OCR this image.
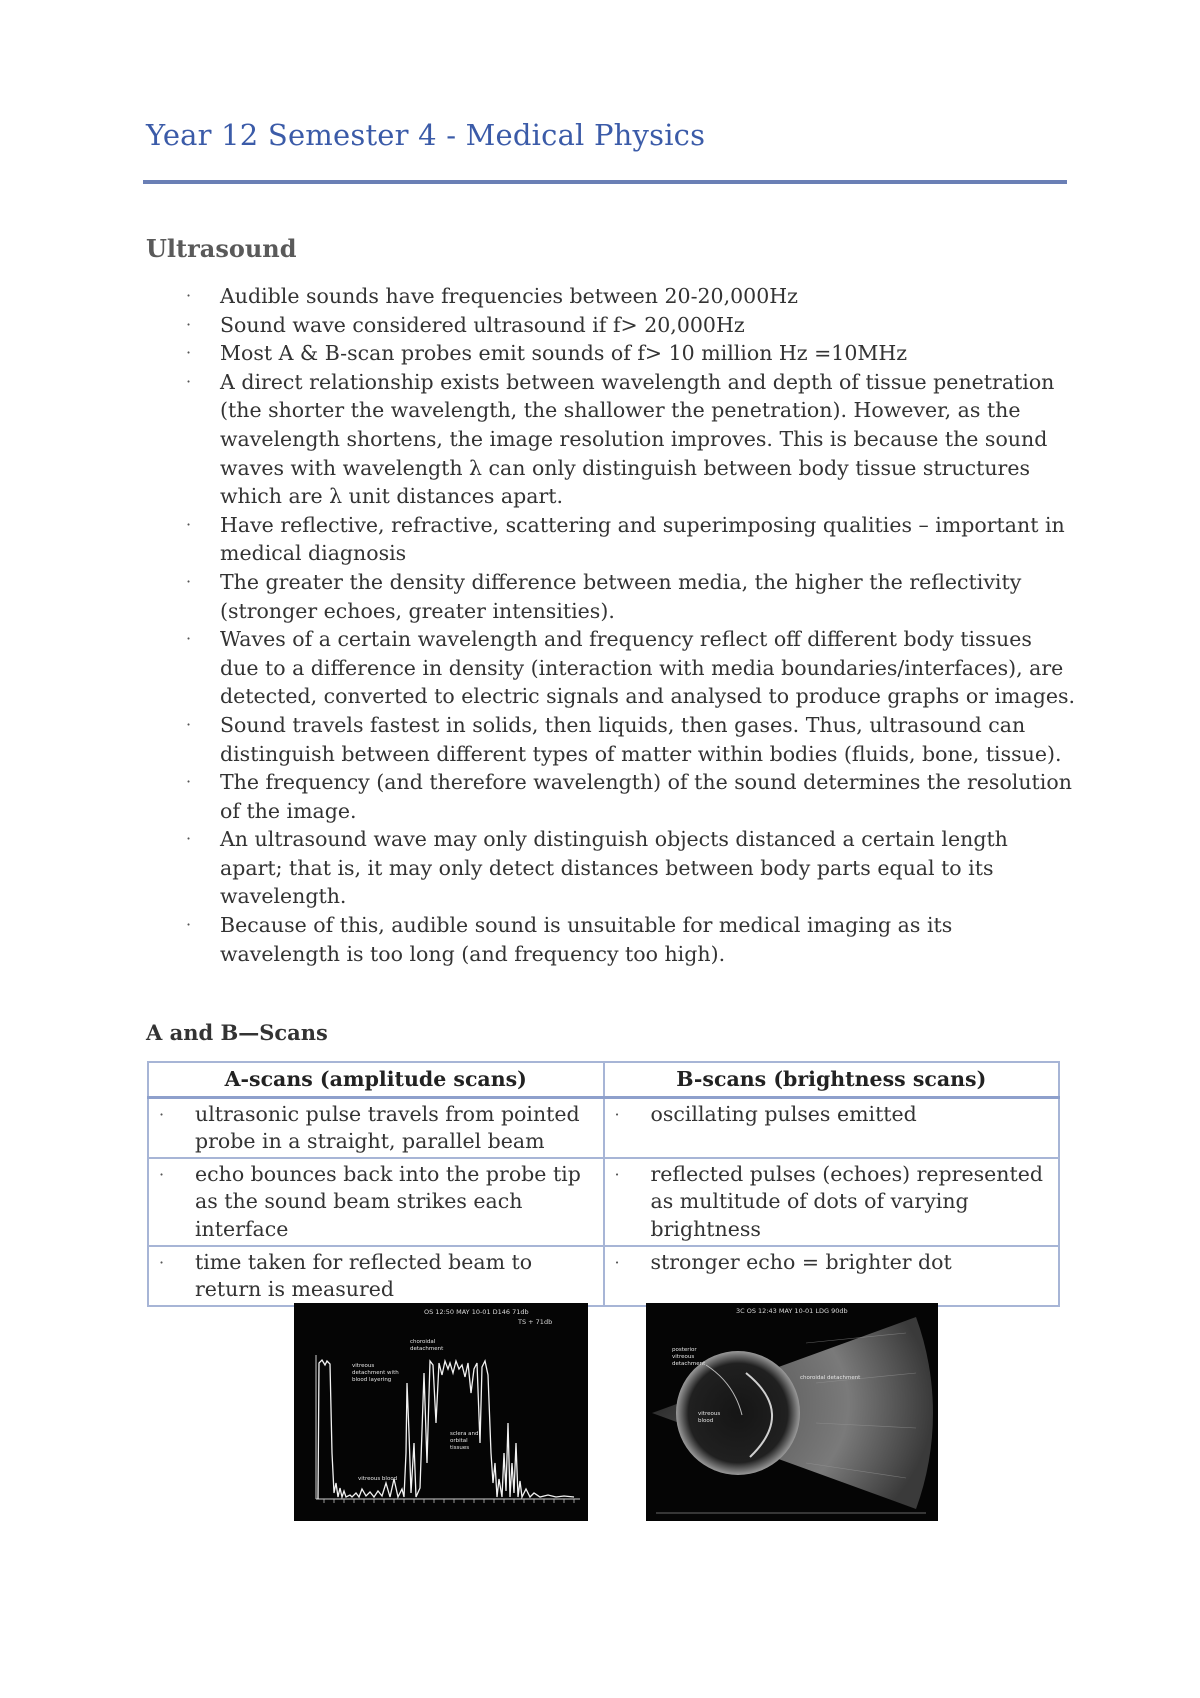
Year 12 Semester 4 - Medical Physics
Ultrasound
· Audible sounds have frequencies between 20-20,000Hz
· Sound wave considered ultrasound if f> 20,000Hz
· Most A & B-scan probes emit sounds of f> 10 million Hz =10MHz
· A direct relationship exists between wavelength and depth of tissue penetration (the shorter the wavelength, the shallower the penetration). However, as the wavelength shortens, the image resolution improves. This is because the sound waves with wavelength λ can only distinguish between body tissue structures which are λ unit distances apart.
· Have reflective, refractive, scattering and superimposing qualities – important in medical diagnosis
· The greater the density difference between media, the higher the reflectivity (stronger echoes, greater intensities).
· Waves of a certain wavelength and frequency reflect off different body tissues due to a difference in density (interaction with media boundaries/interfaces), are detected, converted to electric signals and analysed to produce graphs or images.
· Sound travels fastest in solids, then liquids, then gases. Thus, ultrasound can distinguish between different types of matter within bodies (fluids, bone, tissue).
· The frequency (and therefore wavelength) of the sound determines the resolution of the image.
· An ultrasound wave may only distinguish objects distanced a certain length apart; that is, it may only detect distances between body parts equal to its wavelength.
· Because of this, audible sound is unsuitable for medical imaging as its wavelength is too long (and frequency too high).
A and B—Scans
A-scans (amplitude scans)	B-scans (brightness scans)

· ultrasonic pulse travels from pointed probe in a straight, parallel beam	· oscillating pulses emitted

· echo bounces back into the probe tip as the sound beam strikes each interface	· reflected pulses (echoes) represented as multitude of dots of varying brightness

· time taken for reflected beam to return is measured	· stronger echo = brighter dot
OS 12:50 MAY 10-01 D146 71db
TS + 71db
choroidal
detachment
vitreous
detachment with
blood layering
sclera and
orbital
tissues
vitreous blood
3C OS 12:43 MAY 10-01 LDG 90db
posterior
vitreous
detachment
choroidal detachment
vitreous
blood
